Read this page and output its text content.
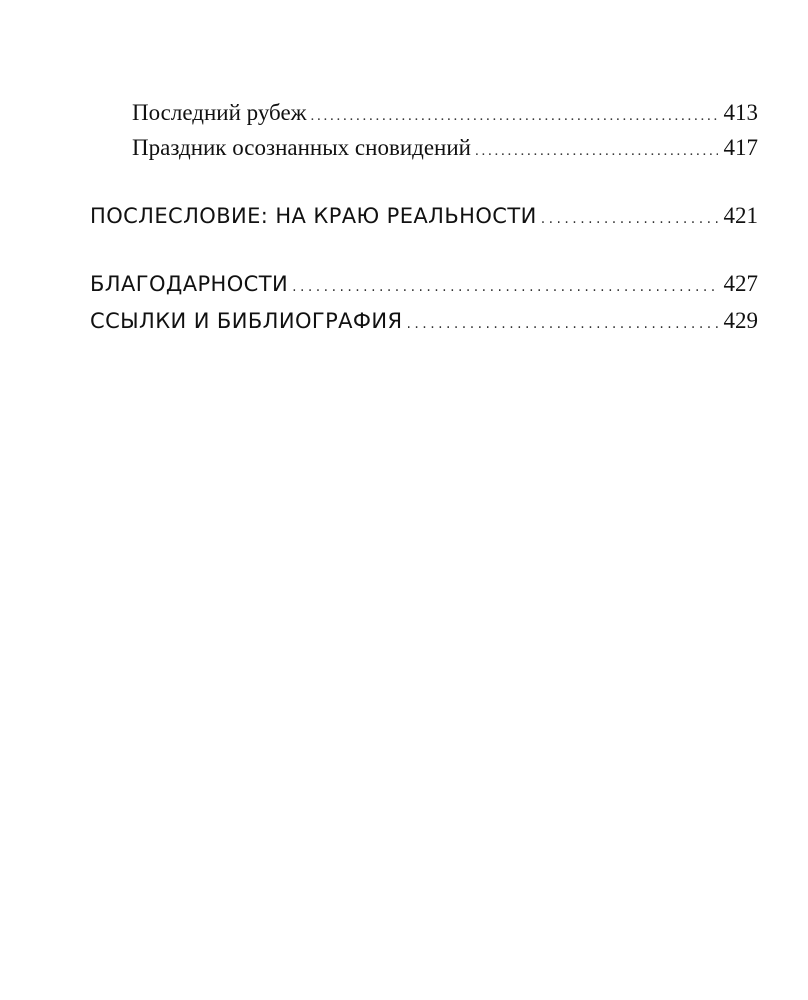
Последний рубеж . . .	413
Праздник осознанных сновидений . . .	417
ПОСЛЕСЛОВИЕ: НА КРАЮ РЕАЛЬНОСТИ . . .	421
БЛАГОДАРНОСТИ . . .	427
ССЫЛКИ И БИБЛИОГРАФИЯ . . .	429
